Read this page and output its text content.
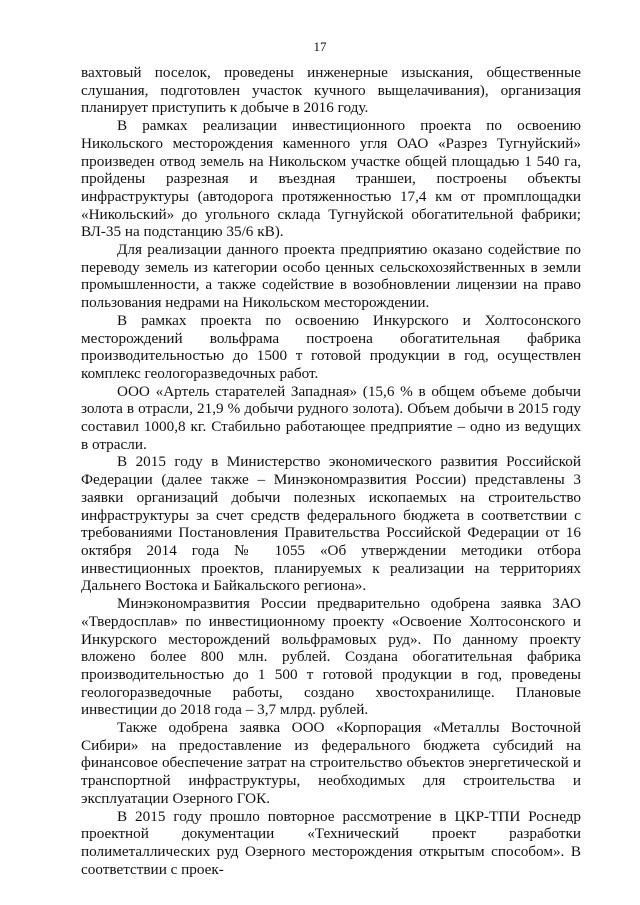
17

вахтовый поселок, проведены инженерные изыскания, общественные слушания, подготовлен участок кучного выщелачивания), организация планирует приступить к добыче в 2016 году.

В рамках реализации инвестиционного проекта по освоению Никольского месторождения каменного угля ОАО «Разрез Тугнуйский» произведен отвод земель на Никольском участке общей площадью 1 540 га, пройдены разрезная и въездная траншеи, построены объекты инфраструктуры (автодорога протяженностью 17,4 км от промплощадки «Никольский» до угольного склада Тугнуйской обогатительной фабрики; ВЛ-35 на подстанцию 35/6 кВ).

Для реализации данного проекта предприятию оказано содействие по переводу земель из категории особо ценных сельскохозяйственных в земли промышленности, а также содействие в возобновлении лицензии на право пользования недрами на Никольском месторождении.

В рамках проекта по освоению Инкурского и Холтосонского месторождений вольфрама построена обогатительная фабрика производительностью до 1500 т готовой продукции в год, осуществлен комплекс геологоразведочных работ.

ООО «Артель старателей Западная» (15,6 % в общем объеме добычи золота в отрасли, 21,9 % добычи рудного золота). Объем добычи в 2015 году составил 1000,8 кг. Стабильно работающее предприятие – одно из ведущих в отрасли.

В 2015 году в Министерство экономического развития Российской Федерации (далее также – Минэкономразвития России) представлены 3 заявки организаций добычи полезных ископаемых на строительство инфраструктуры за счет средств федерального бюджета в соответствии с требованиями Постановления Правительства Российской Федерации от 16 октября 2014 года № 1055 «Об утверждении методики отбора инвестиционных проектов, планируемых к реализации на территориях Дальнего Востока и Байкальского региона».

Минэкономразвития России предварительно одобрена заявка ЗАО «Твердосплав» по инвестиционному проекту «Освоение Холтосонского и Инкурского месторождений вольфрамовых руд». По данному проекту вложено более 800 млн. рублей. Создана обогатительная фабрика производительностью до 1 500 т готовой продукции в год, проведены геологоразведочные работы, создано хвостохранилище. Плановые инвестиции до 2018 года – 3,7 млрд. рублей.

Также одобрена заявка ООО «Корпорация «Металлы Восточной Сибири» на предоставление из федерального бюджета субсидий на финансовое обеспечение затрат на строительство объектов энергетической и транспортной инфраструктуры, необходимых для строительства и эксплуатации Озерного ГОК.

В 2015 году прошло повторное рассмотрение в ЦКР-ТПИ Роснедр проектной документации «Технический проект разработки полиметаллических руд Озерного месторождения открытым способом». В соответствии с проек-
